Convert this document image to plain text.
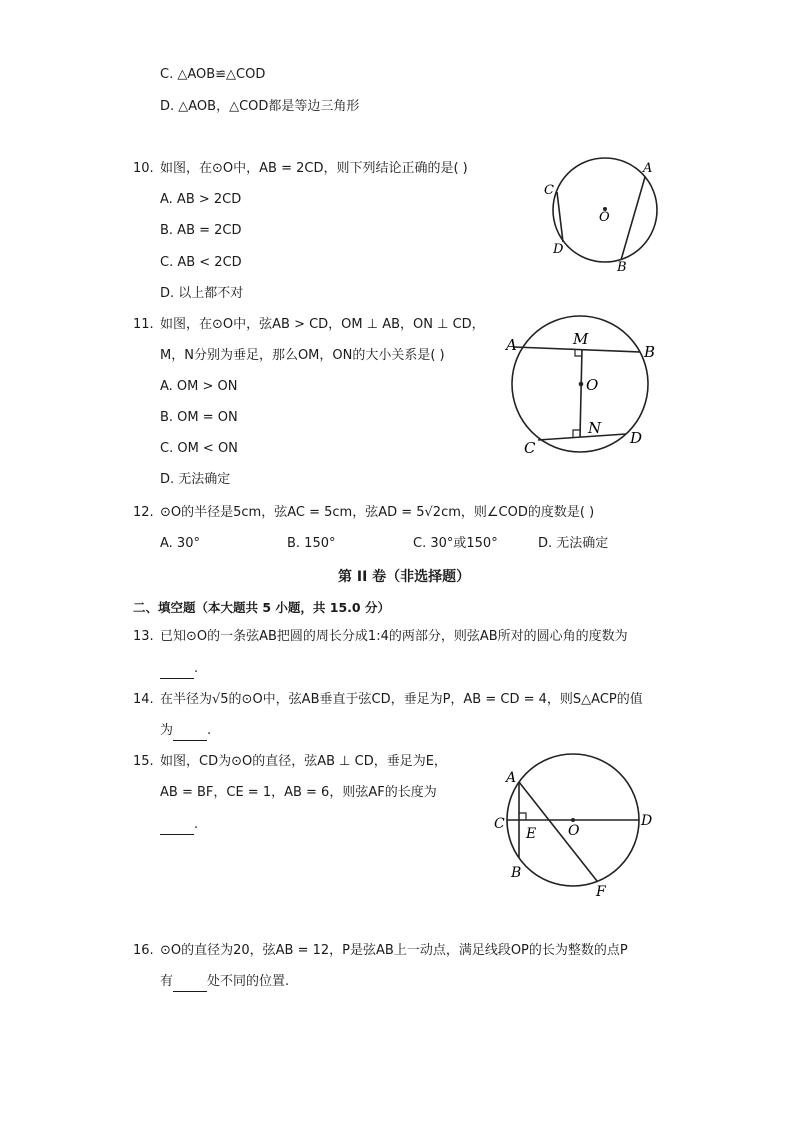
C. △AOB≌△COD
D. △AOB，△COD都是等边三角形
10. 如图，在⊙O中，AB = 2CD，则下列结论正确的是( )
A. AB > 2CD
B. AB = 2CD
C. AB < 2CD
D. 以上都不对
A
B
C
D
O
11. 如图，在⊙O中，弦AB > CD，OM ⊥ AB，ON ⊥ CD，
M，N分别为垂足，那么OM，ON的大小关系是( )
A. OM > ON
B. OM = ON
C. OM < ON
D. 无法确定
A	B
C
D
M
N
O
12. ⊙O的半径是5cm，弦AC = 5cm，弦AD = 5√2cm，则∠COD的度数是( )
A. 30°	B. 150°	C. 30°或150°	D. 无法确定
第 II 卷（非选择题）
二、填空题（本大题共 5 小题，共 15.0 分）
13. 已知⊙O的一条弦AB把圆的周长分成1:4的两部分，则弦AB所对的圆心角的度数为
.
14. 在半径为√5的⊙O中，弦AB垂直于弦CD，垂足为P，AB = CD = 4，则S△ACP的值
为	.
15. 如图，CD为⊙O的直径，弦AB ⊥ CD，垂足为E，
AB = BF，CE = 1，AB = 6，则弦AF的长度为
.
A
B
C	D
E
F
O
16. ⊙O的直径为20，弦AB = 12，P是弦AB上一动点，满足线段OP的长为整数的点P
有	处不同的位置.
